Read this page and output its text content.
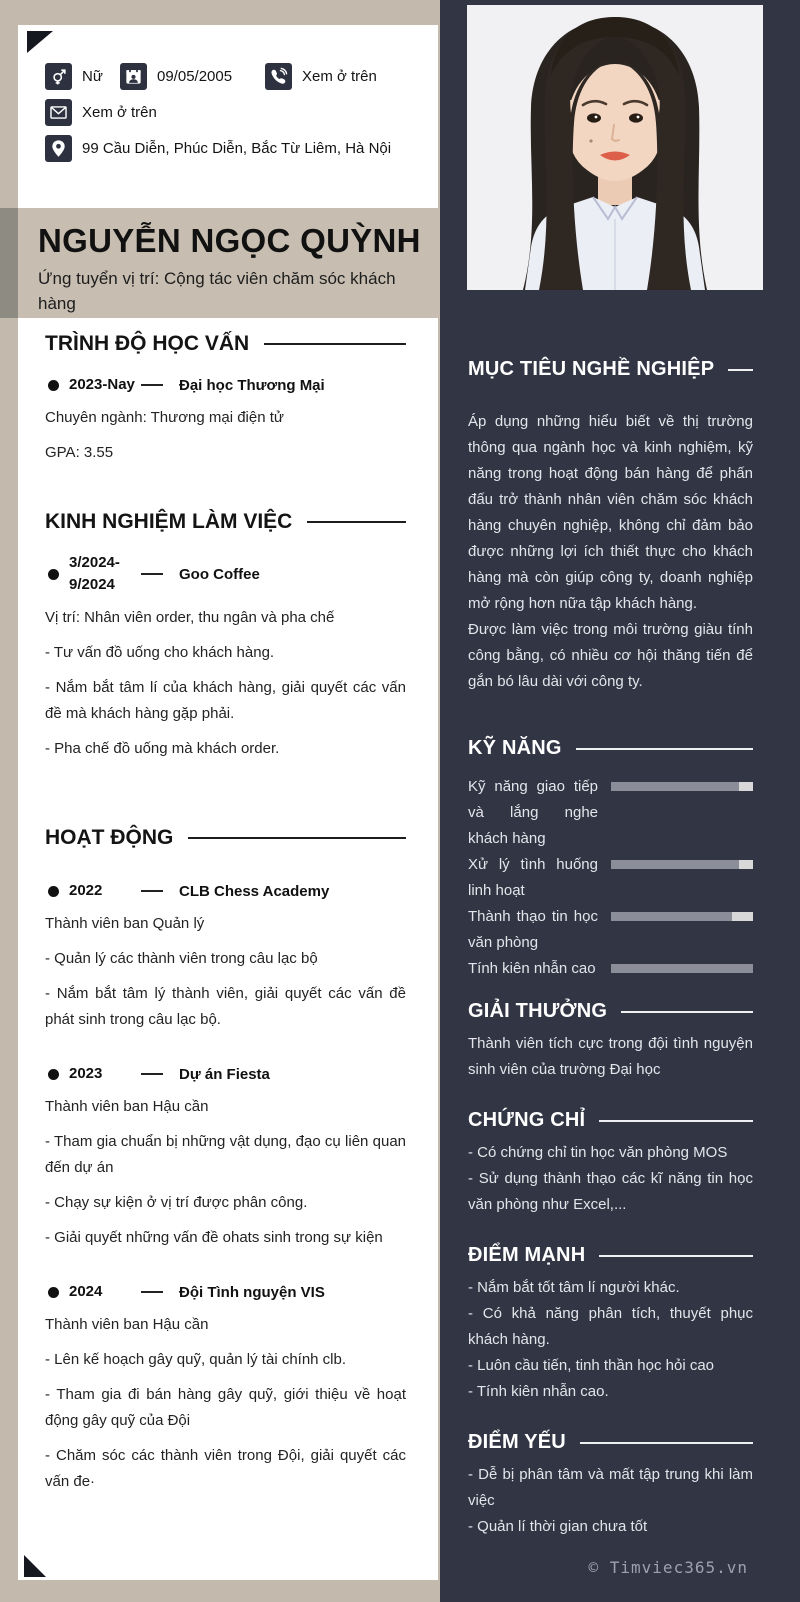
Nữ	09/05/2005	Xem ở trên
Xem ở trên
99 Cầu Diễn, Phúc Diễn, Bắc Từ Liêm, Hà Nội
TRÌNH ĐỘ HỌC VẤN
2023-Nay	Đại học Thương Mại

Chuyên ngành: Thương mại điện tử

GPA: 3.55

KINH NGHIỆM LÀM VIỆC
3/2024-
9/2024
Goo Coffee

Vị trí: Nhân viên order, thu ngân và pha chế

- Tư vấn đồ uống cho khách hàng.

- Nắm bắt tâm lí của khách hàng, giải quyết các vấn đề mà khách hàng gặp phải.

- Pha chế đồ uống mà khách order.

HOẠT ĐỘNG
2022	CLB Chess Academy

Thành viên ban Quản lý

- Quản lý các thành viên trong câu lạc bộ

- Nắm bắt tâm lý thành viên, giải quyết các vấn đề phát sinh trong câu lạc bộ.

2023	Dự án Fiesta

Thành viên ban Hậu cần

- Tham gia chuẩn bị những vật dụng, đạo cụ liên quan đến dự án

- Chạy sự kiện ở vị trí được phân công.

- Giải quyết những vấn đề ohats sinh trong sự kiện

2024	Đội Tình nguyện VIS

Thành viên ban Hậu cần

- Lên kế hoạch gây quỹ, quản lý tài chính clb.

- Tham gia đi bán hàng gây quỹ, giới thiệu về hoạt động gây quỹ của Đội

- Chăm sóc các thành viên trong Đội, giải quyết các vấn đe·

NGUYỄN NGỌC QUỲNH
Ứng tuyển vị trí: Cộng tác viên chăm sóc khách hàng
MỤC TIÊU NGHỀ NGHIỆP

Áp dụng những hiểu biết về thị trường thông qua ngành học và kinh nghiệm, kỹ năng trong hoạt động bán hàng để phấn đấu trở thành nhân viên chăm sóc khách hàng chuyên nghiệp, không chỉ đảm bảo được những lợi ích thiết thực cho khách hàng mà còn giúp công ty, doanh nghiệp mở rộng hơn nữa tập khách hàng.

Được làm việc trong môi trường giàu tính công bằng, có nhiều cơ hội thăng tiến để gắn bó lâu dài với công ty.

KỸ NĂNG
Kỹ năng giao tiếp và lắng nghe khách hàng
Xử lý tình huống linh hoạt
Thành thạo tin học văn phòng
Tính kiên nhẫn cao
GIẢI THƯỞNG

Thành viên tích cực trong đội tình nguyện sinh viên của trường Đại học

CHỨNG CHỈ

- Có chứng chỉ tin học văn phòng MOS

- Sử dụng thành thạo các kĩ năng tin học văn phòng như Excel,...

ĐIỂM MẠNH

- Nắm bắt tốt tâm lí người khác.

- Có khả năng phân tích, thuyết phục khách hàng.

- Luôn cầu tiến, tinh thần học hỏi cao

- Tính kiên nhẫn cao.

ĐIỂM YẾU

- Dễ bị phân tâm và mất tập trung khi làm việc

- Quản lí thời gian chưa tốt

© Timviec365.vn
